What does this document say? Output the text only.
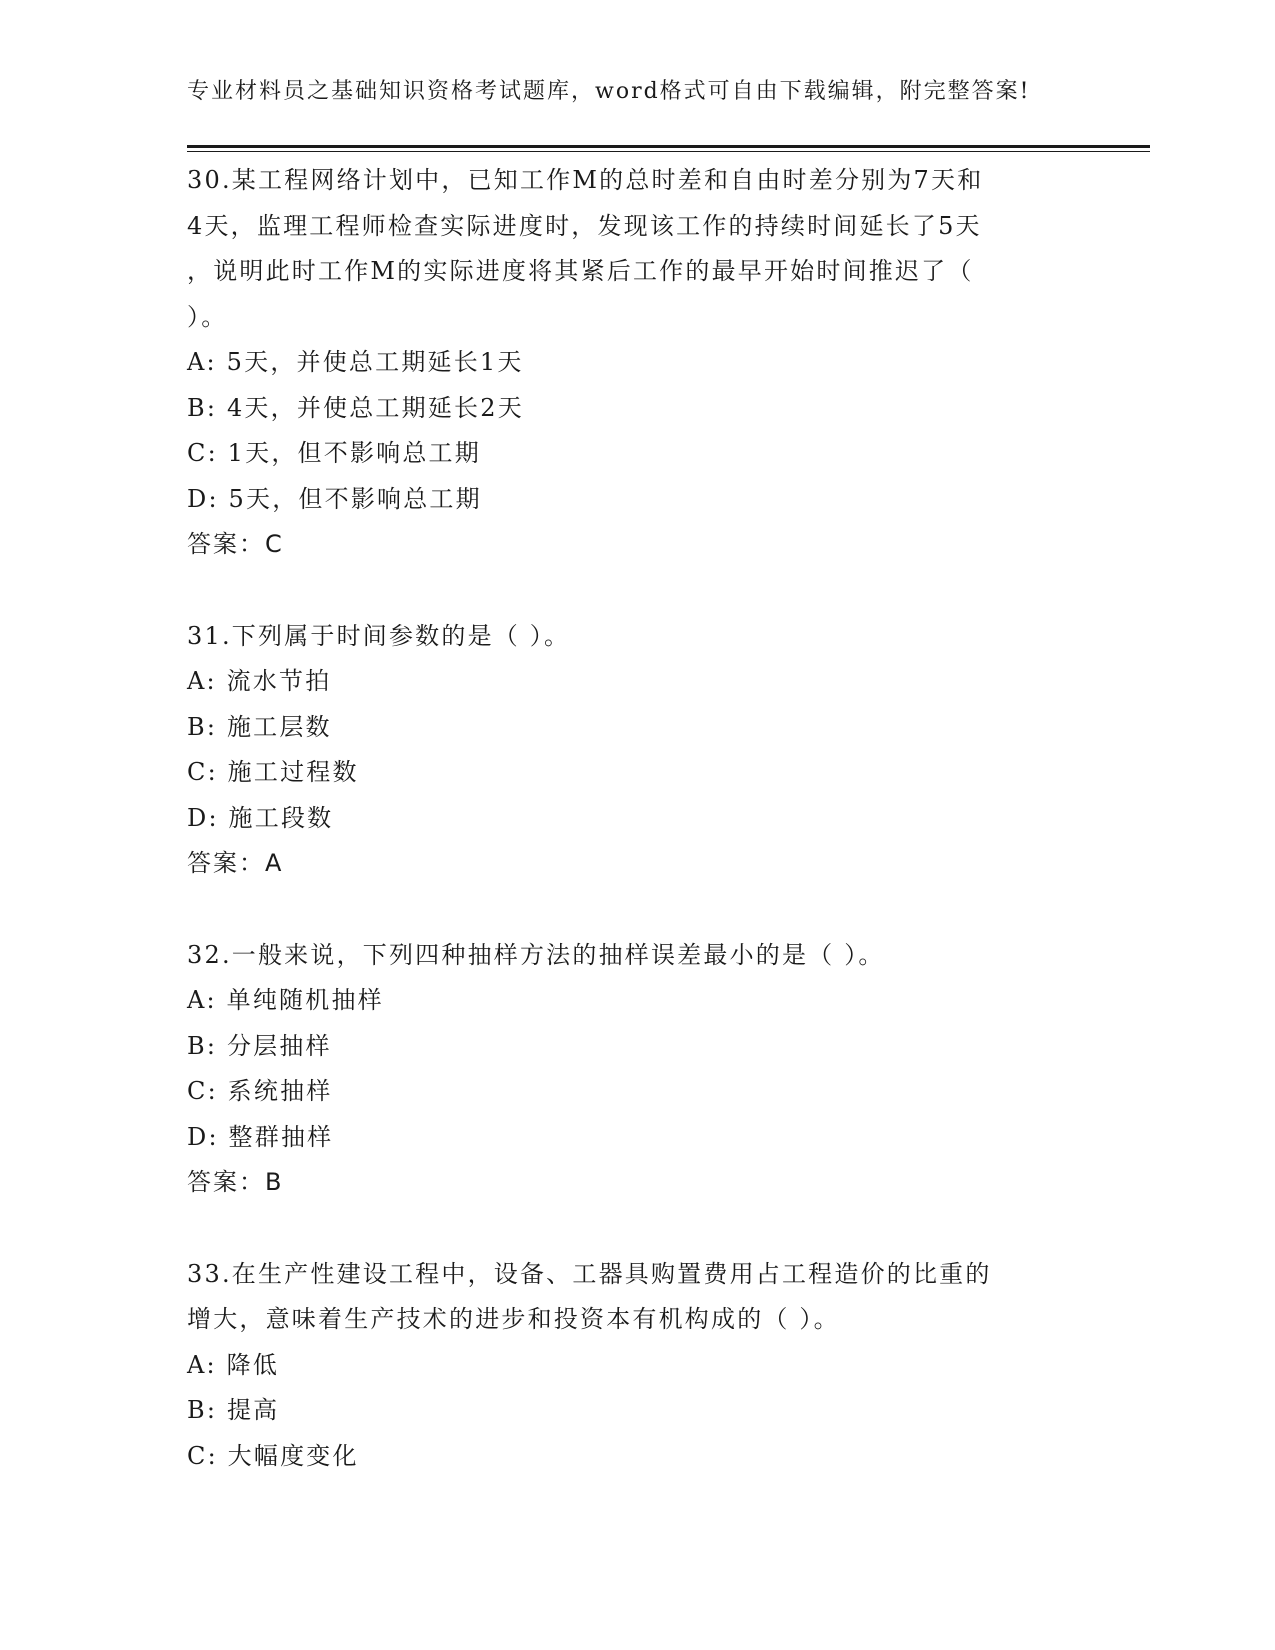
专业材料员之基础知识资格考试题库，word格式可自由下载编辑，附完整答案!
30.某工程网络计划中，已知工作M的总时差和自由时差分别为7天和
4天，监理工程师检查实际进度时，发现该工作的持续时间延长了5天
，说明此时工作M的实际进度将其紧后工作的最早开始时间推迟了（
）。
A: 5天，并使总工期延长1天
B: 4天，并使总工期延长2天
C: 1天，但不影响总工期
D: 5天，但不影响总工期
答案：C
31.下列属于时间参数的是（ ）。
A: 流水节拍
B: 施工层数
C: 施工过程数
D: 施工段数
答案：A
32.一般来说，下列四种抽样方法的抽样误差最小的是（ ）。
A: 单纯随机抽样
B: 分层抽样
C: 系统抽样
D: 整群抽样
答案：B
33.在生产性建设工程中，设备、工器具购置费用占工程造价的比重的
增大，意味着生产技术的进步和投资本有机构成的（ ）。
A: 降低
B: 提高
C: 大幅度变化
